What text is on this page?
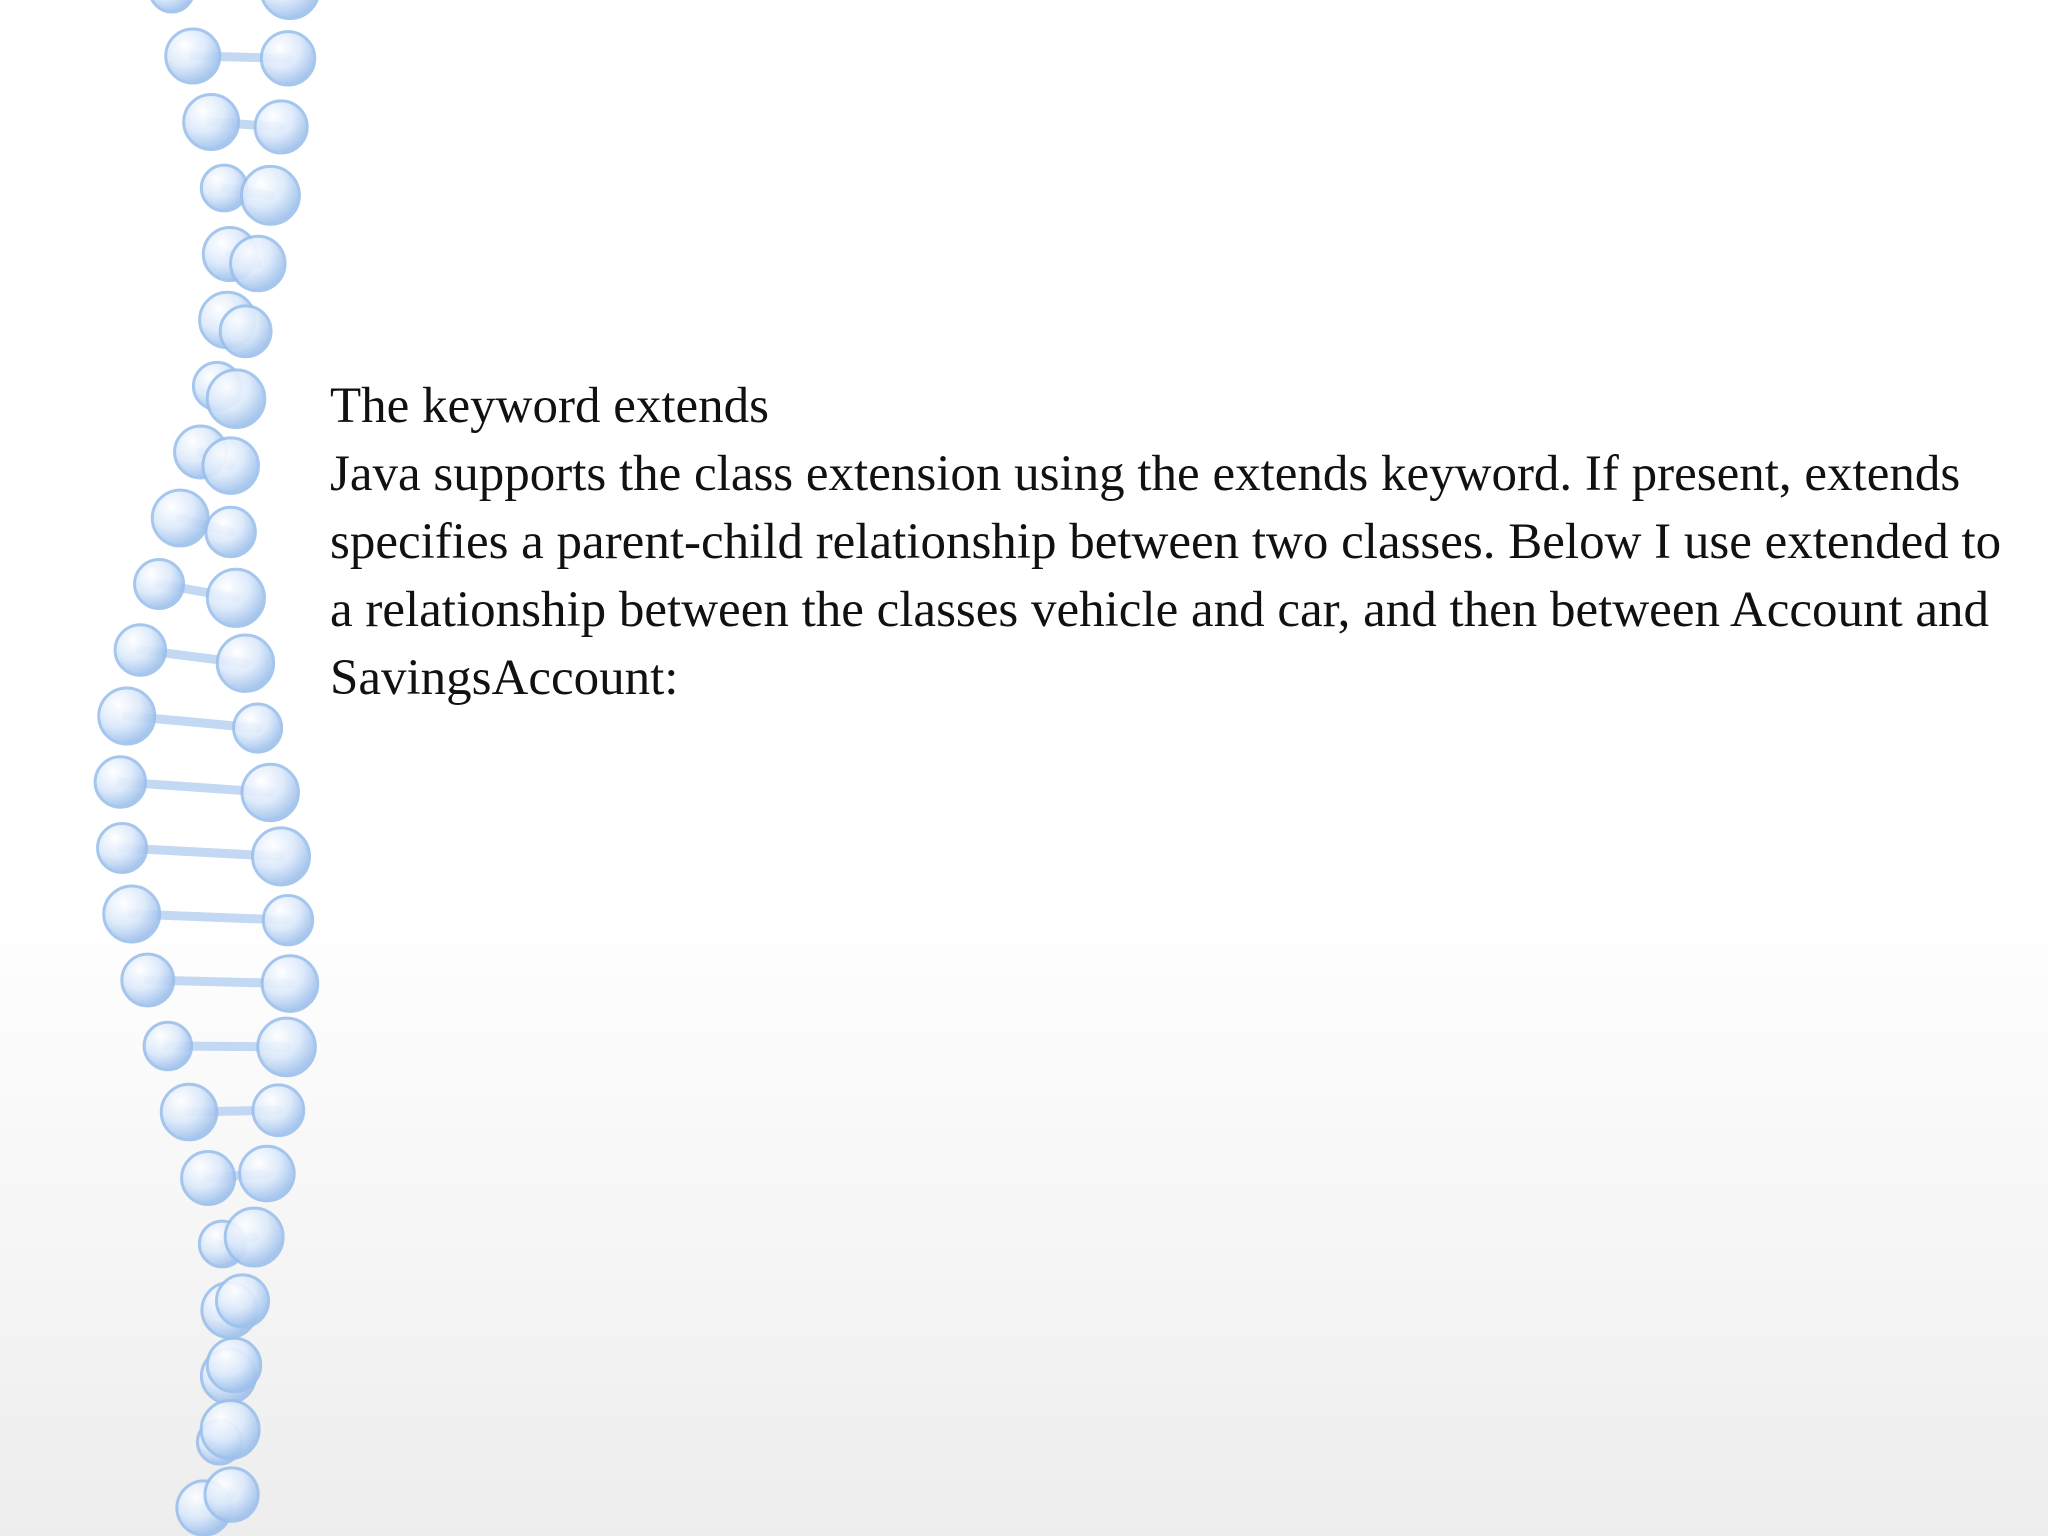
The keyword extends

Java supports the class extension using the extends keyword. If present, extends specifies a parent-child relationship between two classes. Below I use extended to a relationship between the classes vehicle and car, and then between Account and SavingsAccount:
